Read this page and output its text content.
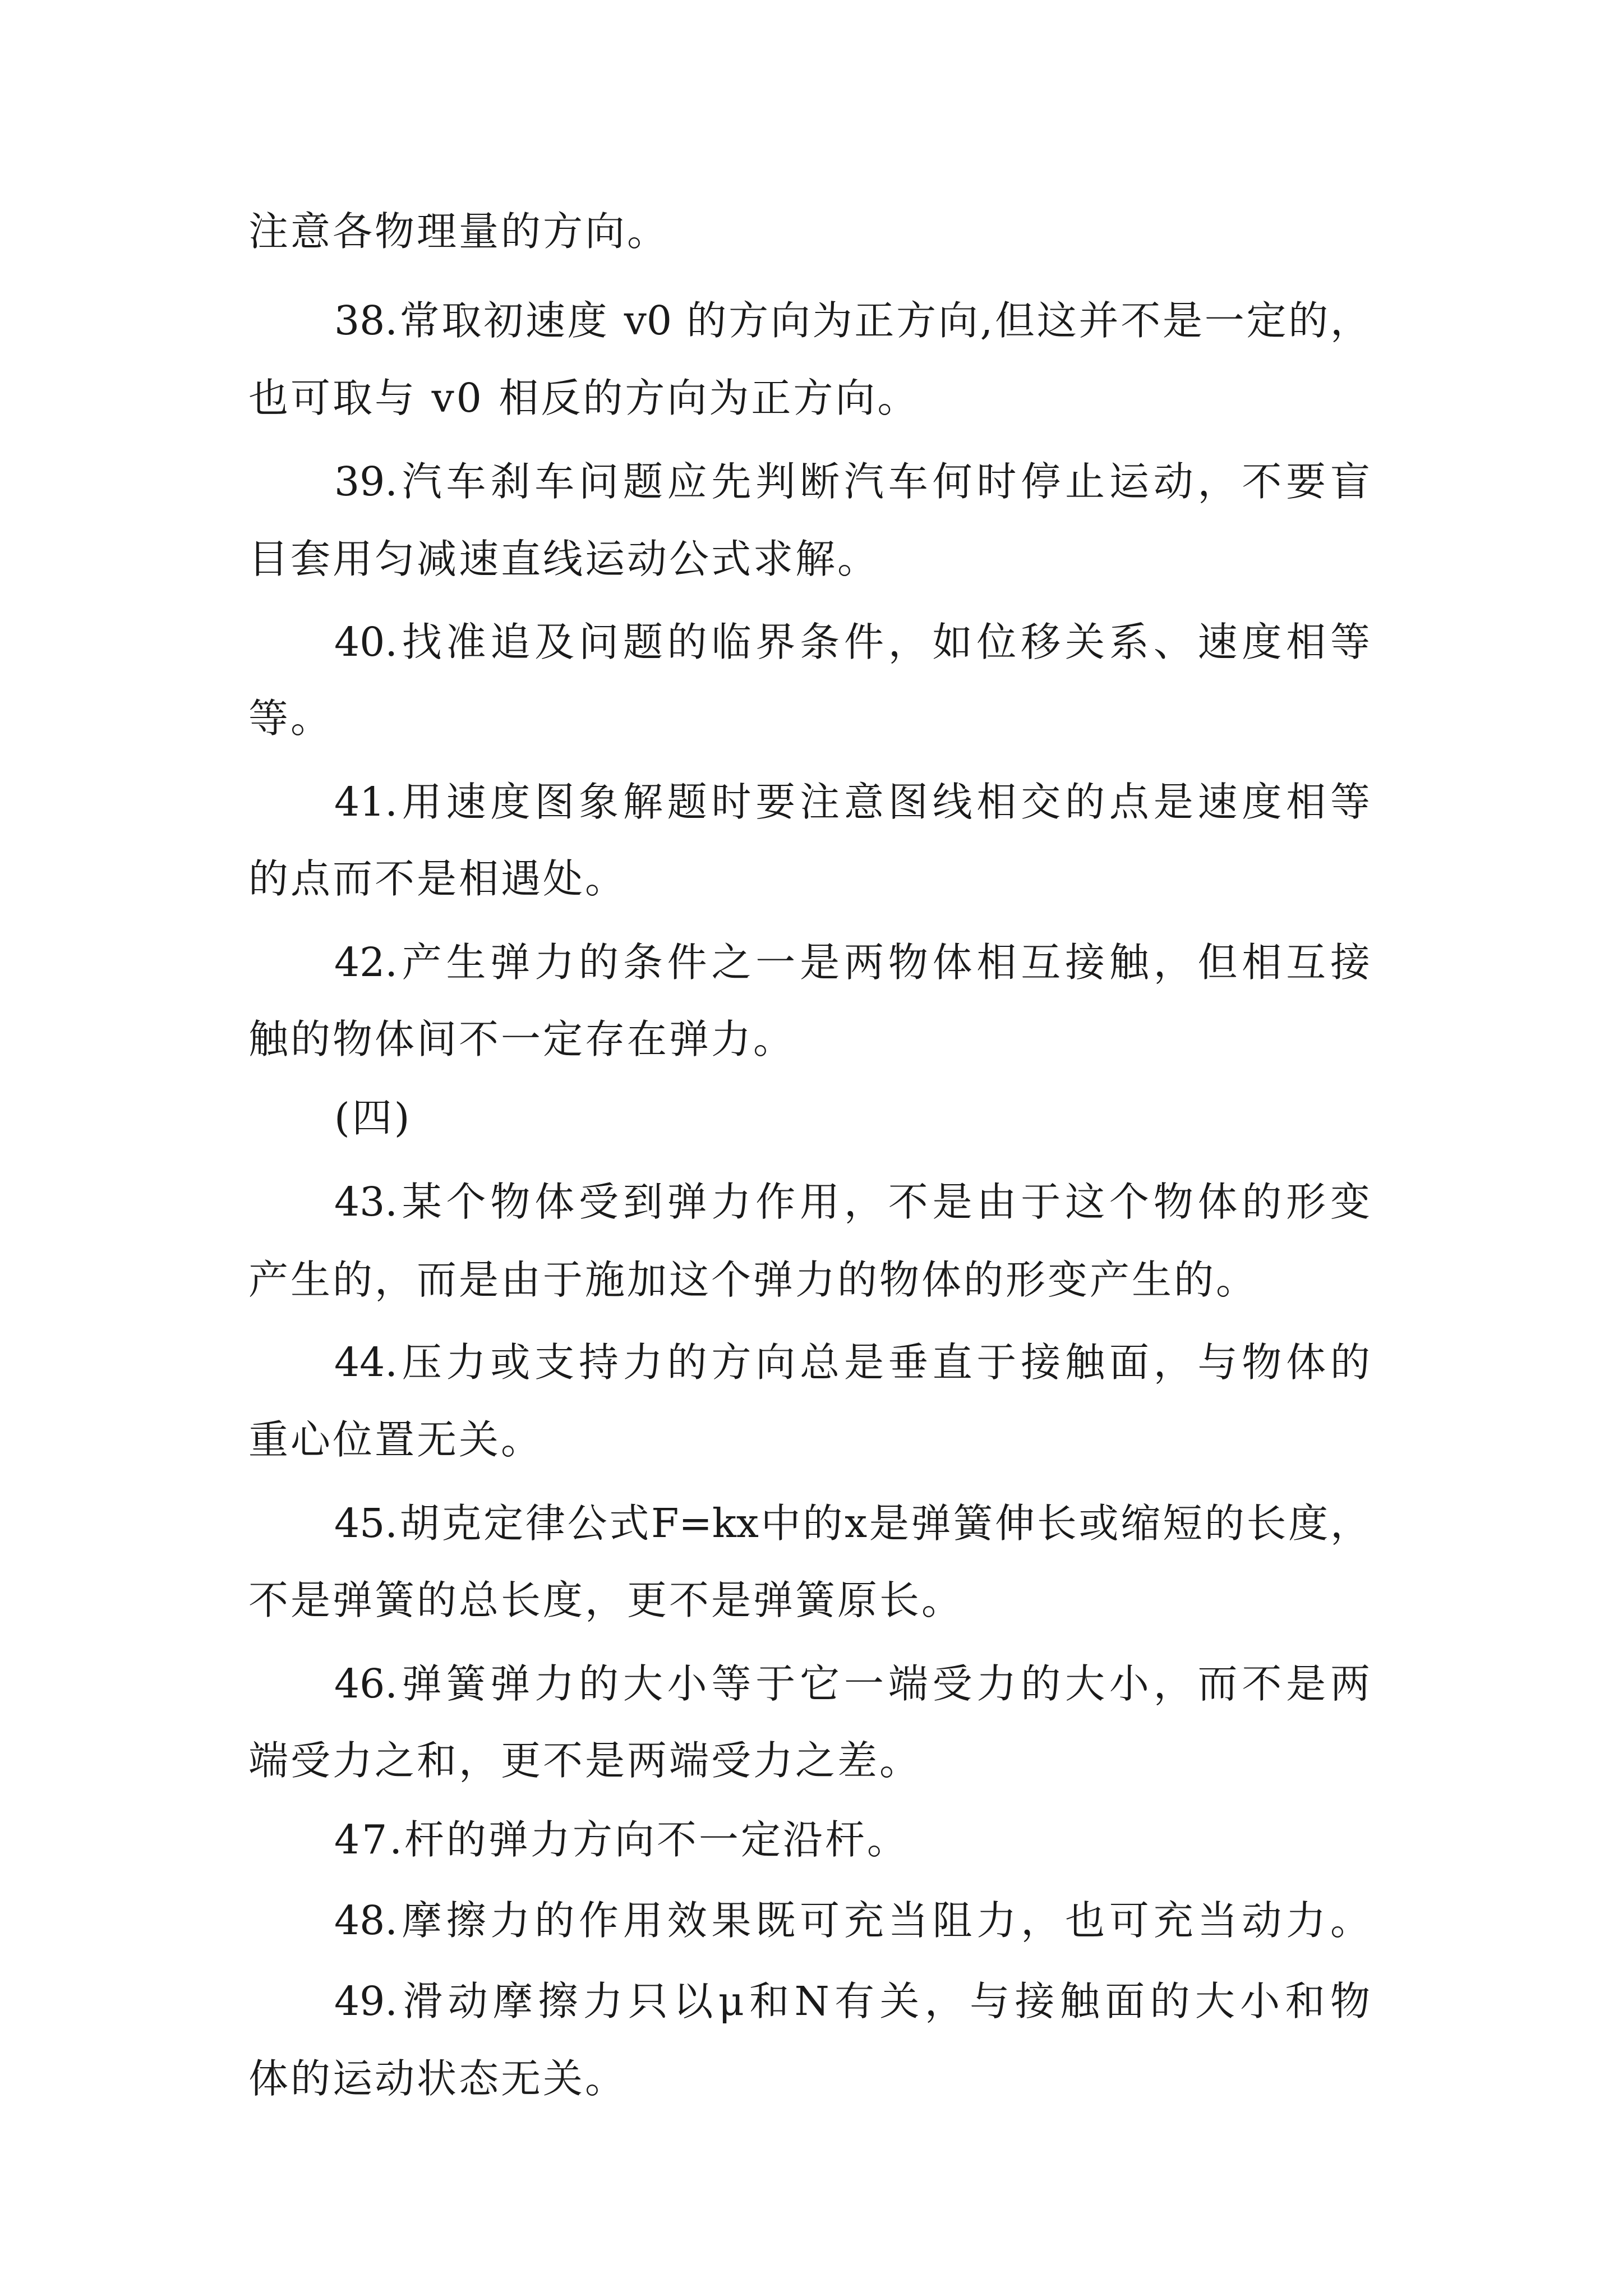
注意各物理量的方向。
38.常取初速度 v0 的方向为正方向,但这并不是一定的，
也可取与 v0 相反的方向为正方向。
39.汽车刹车问题应先判断汽车何时停止运动，不要盲
目套用匀减速直线运动公式求解。
40.找准追及问题的临界条件，如位移关系、速度相等
等。
41.用速度图象解题时要注意图线相交的点是速度相等
的点而不是相遇处。
42.产生弹力的条件之一是两物体相互接触，但相互接
触的物体间不一定存在弹力。
(四)
43.某个物体受到弹力作用，不是由于这个物体的形变
产生的，而是由于施加这个弹力的物体的形变产生的。
44.压力或支持力的方向总是垂直于接触面，与物体的
重心位置无关。
45.胡克定律公式F=kx中的x是弹簧伸长或缩短的长度，
不是弹簧的总长度，更不是弹簧原长。
46.弹簧弹力的大小等于它一端受力的大小，而不是两
端受力之和，更不是两端受力之差。
47.杆的弹力方向不一定沿杆。
48.摩擦力的作用效果既可充当阻力，也可充当动力。
49.滑动摩擦力只以μ和N有关，与接触面的大小和物
体的运动状态无关。
